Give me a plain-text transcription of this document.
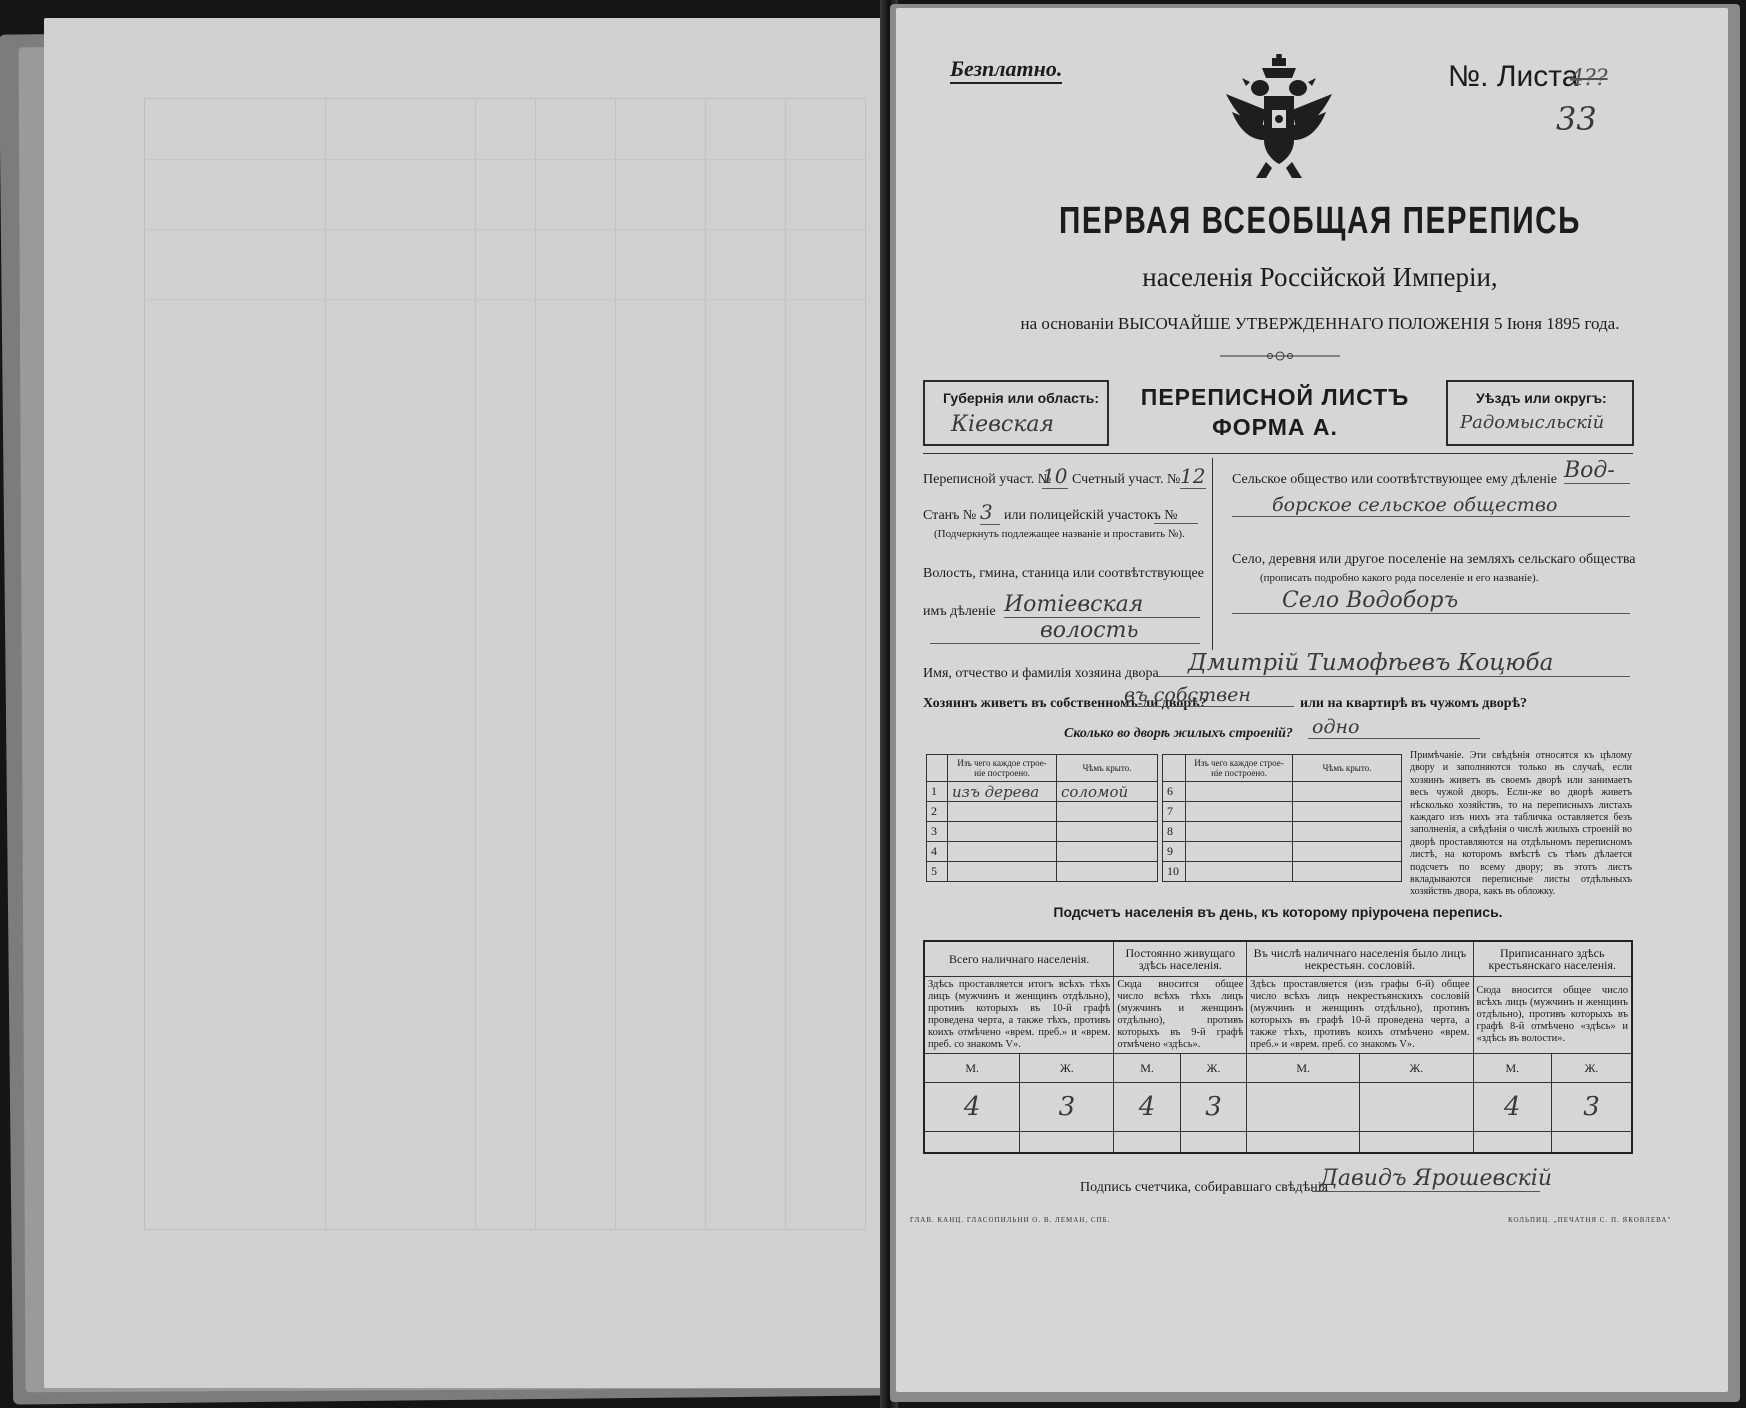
Безплатно.	№. Листа
4??
33
ПЕРВАЯ ВСЕОБЩАЯ ПЕРЕПИСЬ
населенія Россійской Имперіи,
на основаніи ВЫСОЧАЙШЕ УТВЕРЖДЕННАГО ПОЛОЖЕНІЯ 5 Іюня 1895 года.
Губернія или область:
Кіевская
ПЕРЕПИСНОЙ ЛИСТЪ
ФОРМА А.
Уѣздъ или округъ:
Радомысльскій
Переписной участ. №
10 Счетный участ. № 12
Станъ № 3 или полицейскій участокъ №
(Подчеркнуть подлежащее названіе и проставить №).
Волость, гмина, станица или соотвѣтствующее
имъ дѣленіе Иотіевская
волость
Сельское общество или соотвѣтствующее ему дѣленіе Вод-
борское сельское общество
Село, деревня или другое поселеніе на земляхъ сельскаго общества
(прописать подробно какого рода поселеніе и его названіе).
Село Водоборъ
Имя, отчество и фамилія хозяина двора	Дмитрій Тимофѣевъ Коцюба
Хозяинъ живетъ въ собственномъ-ли дворѣ?
въ собствен	или на квартирѣ въ чужомъ дворѣ?
Сколько во дворѣ жилыхъ строеній? одно
	Изъ чего каждое строе-ніе построено.	Чѣмъ крыто.
1	изъ дерева	соломой
2		
3		
4		
5		
	Изъ чего каждое строе-ніе построено.	Чѣмъ крыто.
6		
7		
8		
9		
10		
Примѣчаніе. Эти свѣдѣнія относятся къ цѣлому двору и заполняются только въ случаѣ, если хозяинъ живетъ въ своемъ дворѣ или занимаетъ весь чужой дворъ. Если-же во дворѣ живетъ нѣсколько хозяйствъ, то на переписныхъ листахъ каждаго изъ нихъ эта табличка оставляется безъ заполненія, а свѣдѣнія о числѣ жилыхъ строеній во дворѣ проставляются на отдѣльномъ переписномъ листѣ, на которомъ вмѣстѣ съ тѣмъ дѣлается подсчетъ по всему двору; въ этотъ листъ вкладываются переписные листы отдѣльныхъ хозяйствъ двора, какъ въ обложку.
Подсчетъ населенія въ день, къ которому пріурочена перепись.
Всего наличнаго населенія.		Постоянно живущаго здѣсь населенія.		Въ числѣ наличнаго населенія было лицъ некрестьян. сословій.		Приписаннаго здѣсь крестьянскаго населенія.	
Здѣсь проставляется итогъ всѣхъ тѣхъ лицъ (мужчинъ и женщинъ отдѣльно), противъ которыхъ въ 10-й графѣ проведена черта, а также тѣхъ, противъ коихъ отмѣчено «врем. преб.» и «врем. преб. со знакомъ V».		Сюда вносится общее число всѣхъ тѣхъ лицъ (мужчинъ и женщинъ отдѣльно), противъ которыхъ въ 9-й графѣ отмѣчено «здѣсь».		Здѣсь проставляется (изъ графы 6-й) общее число всѣхъ лицъ некрестьянскихъ сословій (мужчинъ и женщинъ отдѣльно), противъ которыхъ въ графѣ 10-й проведена черта, а также тѣхъ, противъ коихъ отмѣчено «врем. преб.» и «врем. преб. со знакомъ V».		Сюда вносится общее число всѣхъ лицъ (мужчинъ и женщинъ отдѣльно), противъ которыхъ въ графѣ 8-й отмѣчено «здѣсь» и «здѣсь въ волости».	
М.	Ж.	М.	Ж.	М.	Ж.	М.	Ж.
4	3	4	3			4	3

Подпись счетчика, собиравшаго свѣдѣнія
Давидъ Ярошевскій
ГЛАВ. КАНЦ. ГЛАСОПИЛЬНИ О. В. ЛЕМАН, СПБ.	КОЛЬПИЦ. „ПЕЧАТНЯ С. П. ЯКОВЛЕВА"
